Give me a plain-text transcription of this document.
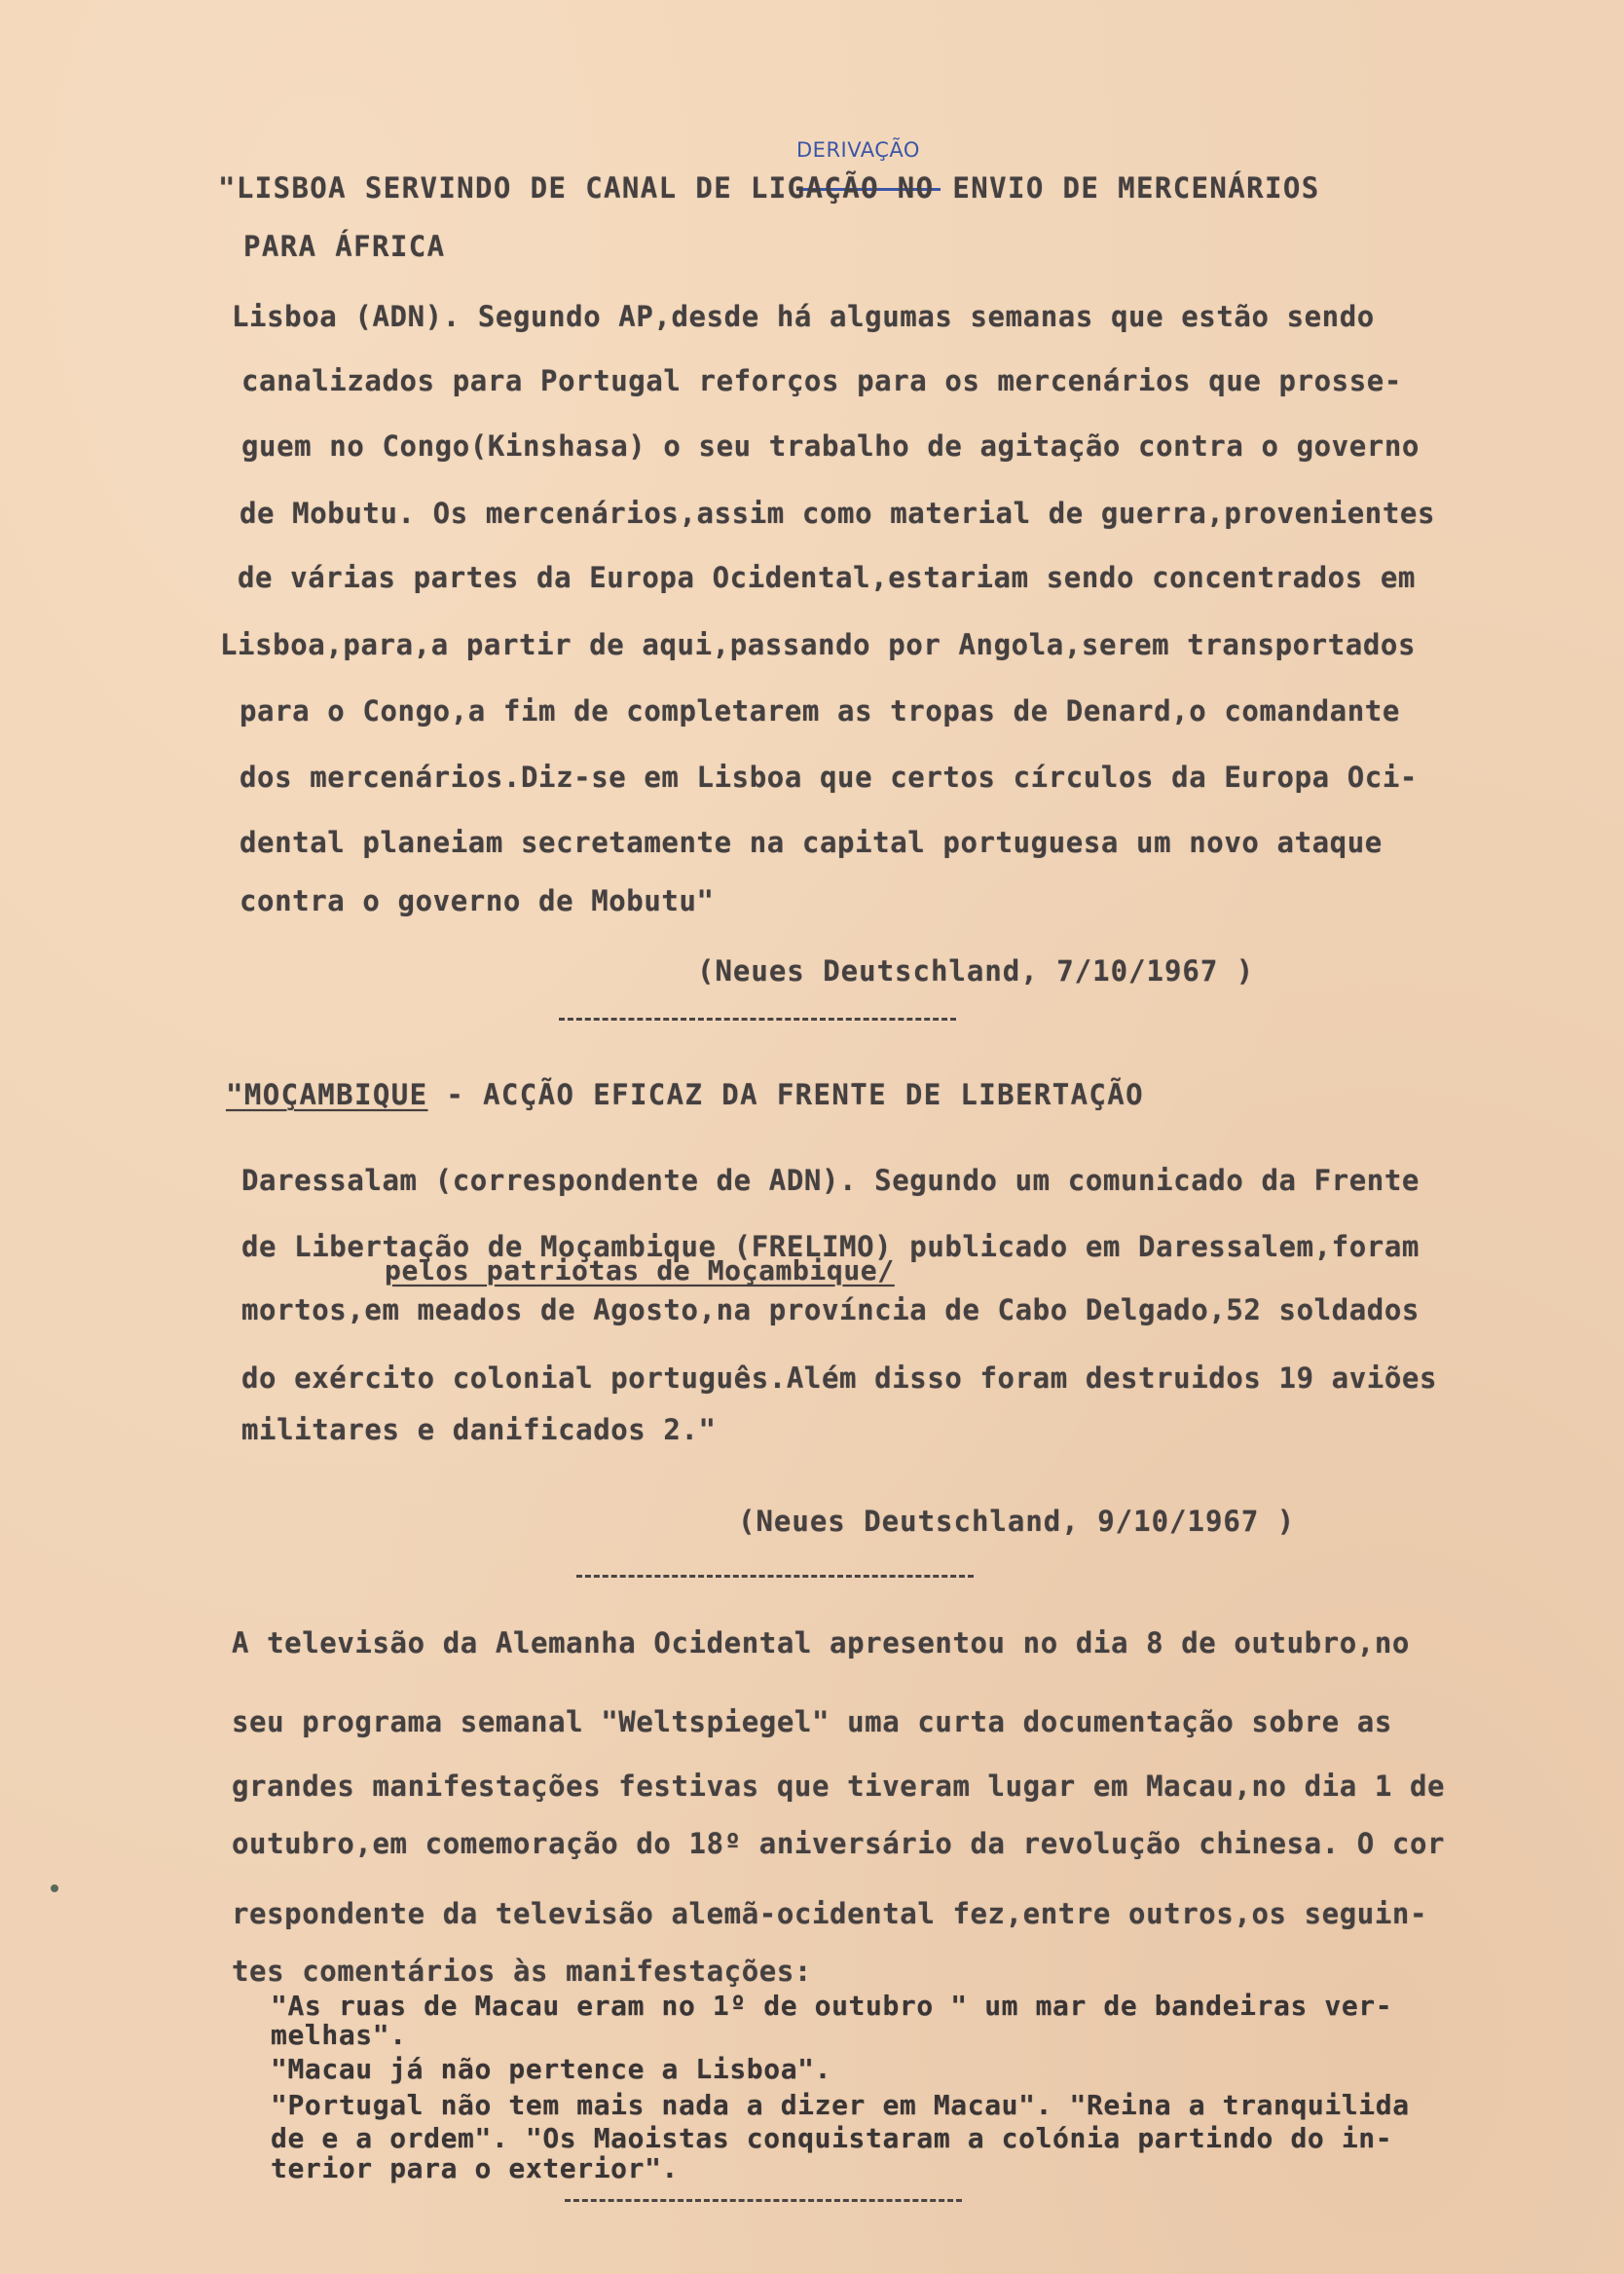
DERIVAÇÃO
"LISBOA SERVINDO DE CANAL DE LIGAÇÃO NO ENVIO DE MERCENÁRIOS
PARA ÁFRICA
Lisboa (ADN). Segundo AP,desde há algumas semanas que estão sendo
canalizados para Portugal reforços para os mercenários que prosse-
guem no Congo(Kinshasa) o seu trabalho de agitação contra o governo
de Mobutu. Os mercenários,assim como material de guerra,provenientes
de várias partes da Europa Ocidental,estariam sendo concentrados em
Lisboa,para,a partir de aqui,passando por Angola,serem transportados
para o Congo,a fim de completarem as tropas de Denard,o comandante
dos mercenários.Diz-se em Lisboa que certos círculos da Europa Oci-
dental planeiam secretamente na capital portuguesa um novo ataque
contra o governo de Mobutu"
(Neues Deutschland, 7/10/1967 )
"MOÇAMBIQUE - ACÇÃO EFICAZ DA FRENTE DE LIBERTAÇÃO
Daressalam (correspondente de ADN). Segundo um comunicado da Frente
de Libertação de Moçambique (FRELIMO) publicado em Daressalem,foram
pelos patriotas de Moçambique/
mortos,em meados de Agosto,na província de Cabo Delgado,52 soldados
do exército colonial português.Além disso foram destruidos 19 aviões
militares e danificados 2."
(Neues Deutschland, 9/10/1967 )
A televisão da Alemanha Ocidental apresentou no dia 8 de outubro,no
seu programa semanal "Weltspiegel" uma curta documentação sobre as
grandes manifestações festivas que tiveram lugar em Macau,no dia 1 de
outubro,em comemoração do 18º aniversário da revolução chinesa. O cor
respondente da televisão alemã-ocidental fez,entre outros,os seguin-
tes comentários às manifestações:
"As ruas de Macau eram no 1º de outubro " um mar de bandeiras ver-
melhas".
"Macau já não pertence a Lisboa".
"Portugal não tem mais nada a dizer em Macau". "Reina a tranquilida
de e a ordem". "Os Maoistas conquistaram a colónia partindo do in-
terior para o exterior".
